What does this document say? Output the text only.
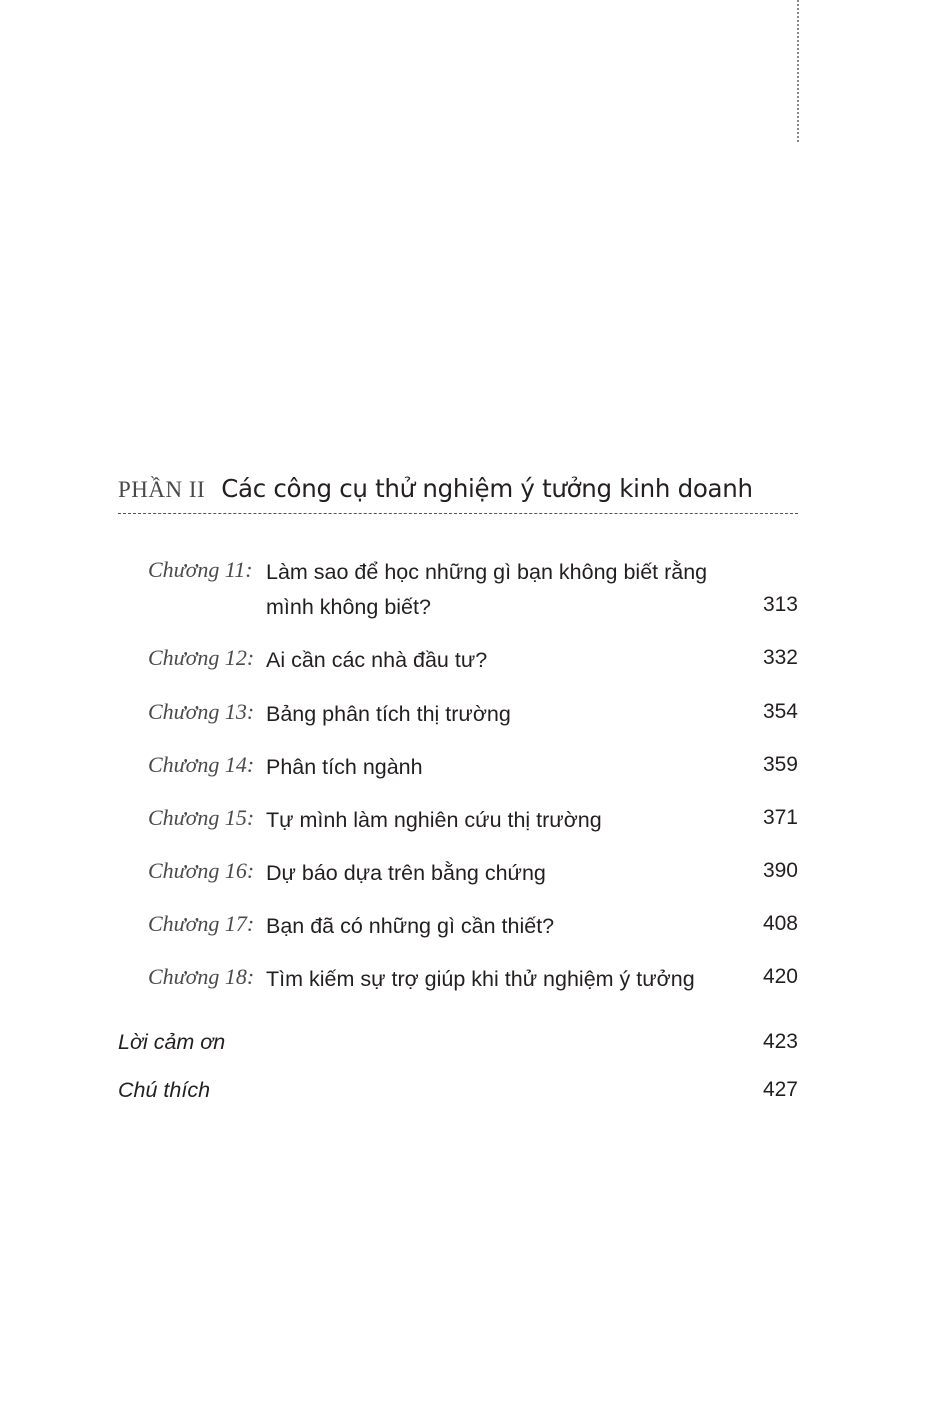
PHẦN II Các công cụ thử nghiệm ý tưởng kinh doanh
Chương 11: Làm sao để học những gì bạn không biết rằng mình không biết?	313
Chương 12: Ai cần các nhà đầu tư?	332
Chương 13: Bảng phân tích thị trường	354
Chương 14: Phân tích ngành	359
Chương 15: Tự mình làm nghiên cứu thị trường	371
Chương 16: Dự báo dựa trên bằng chứng	390
Chương 17: Bạn đã có những gì cần thiết?	408
Chương 18: Tìm kiếm sự trợ giúp khi thử nghiệm ý tưởng	420
Lời cảm ơn	423
Chú thích	427
